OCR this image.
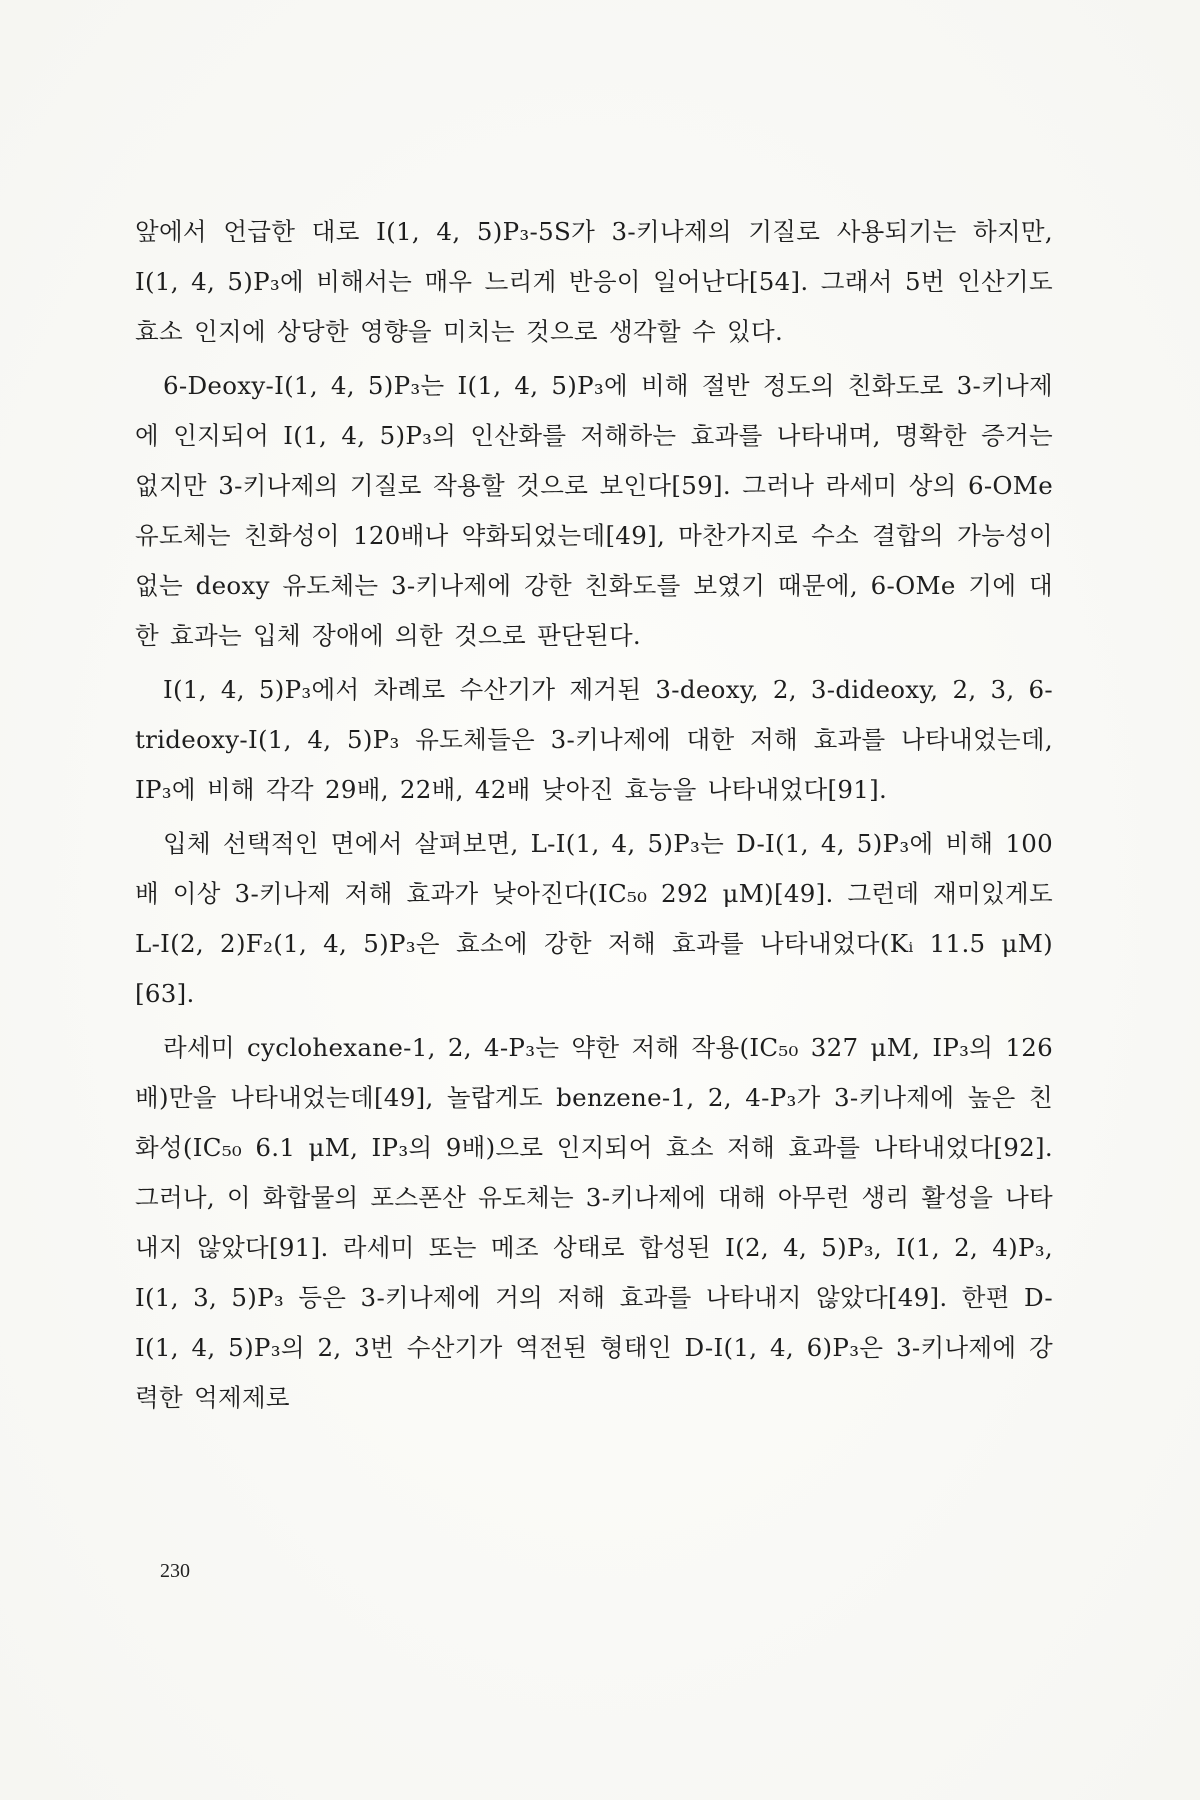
앞에서 언급한 대로 I(1, 4, 5)P₃-5S가 3-키나제의 기질로 사용되기는 하지만, I(1, 4, 5)P₃에 비해서는 매우 느리게 반응이 일어난다[54]. 그래서 5번 인산기도 효소 인지에 상당한 영향을 미치는 것으로 생각할 수 있다.

6-Deoxy-I(1, 4, 5)P₃는 I(1, 4, 5)P₃에 비해 절반 정도의 친화도로 3-키나제에 인지되어 I(1, 4, 5)P₃의 인산화를 저해하는 효과를 나타내며, 명확한 증거는 없지만 3-키나제의 기질로 작용할 것으로 보인다[59]. 그러나 라세미 상의 6-OMe 유도체는 친화성이 120배나 약화되었는데[49], 마찬가지로 수소 결합의 가능성이 없는 deoxy 유도체는 3-키나제에 강한 친화도를 보였기 때문에, 6-OMe 기에 대한 효과는 입체 장애에 의한 것으로 판단된다.

I(1, 4, 5)P₃에서 차례로 수산기가 제거된 3-deoxy, 2, 3-dideoxy, 2, 3, 6-trideoxy-I(1, 4, 5)P₃ 유도체들은 3-키나제에 대한 저해 효과를 나타내었는데, IP₃에 비해 각각 29배, 22배, 42배 낮아진 효능을 나타내었다[91].

입체 선택적인 면에서 살펴보면, L-I(1, 4, 5)P₃는 D-I(1, 4, 5)P₃에 비해 100배 이상 3-키나제 저해 효과가 낮아진다(IC₅₀ 292 μM)[49]. 그런데 재미있게도 L-I(2, 2)F₂(1, 4, 5)P₃은 효소에 강한 저해 효과를 나타내었다(Kᵢ 11.5 μM)[63].

라세미 cyclohexane-1, 2, 4-P₃는 약한 저해 작용(IC₅₀ 327 μM, IP₃의 126배)만을 나타내었는데[49], 놀랍게도 benzene-1, 2, 4-P₃가 3-키나제에 높은 친화성(IC₅₀ 6.1 μM, IP₃의 9배)으로 인지되어 효소 저해 효과를 나타내었다[92]. 그러나, 이 화합물의 포스폰산 유도체는 3-키나제에 대해 아무런 생리 활성을 나타내지 않았다[91]. 라세미 또는 메조 상태로 합성된 I(2, 4, 5)P₃, I(1, 2, 4)P₃, I(1, 3, 5)P₃ 등은 3-키나제에 거의 저해 효과를 나타내지 않았다[49]. 한편 D-I(1, 4, 5)P₃의 2, 3번 수산기가 역전된 형태인 D-I(1, 4, 6)P₃은 3-키나제에 강력한 억제제로

230
